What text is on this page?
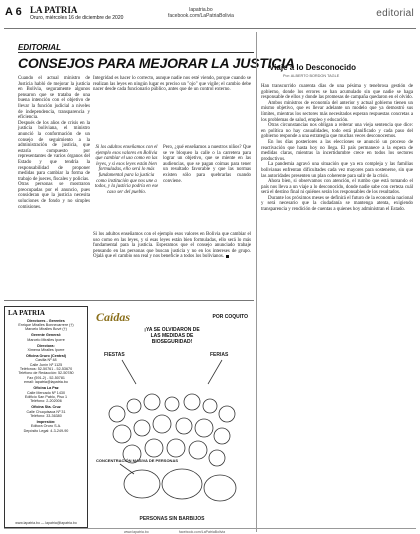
A 6 LA PATRIA
Oruro, miércoles 16 de diciembre de 2020
lapatria.bo
facebook.com/LaPatriaBolivia	editorial
EDITORIAL
CONSEJOS PARA MEJORAR LA JUSTICIA

Cuando el actual ministro de Justicia habló de mejorar la justicia en Bolivia, seguramente algunos pensaron que se trataba de una buena intención con el objetivo de llevar la función judicial a niveles de independencia, transparencia y eficiencia.

Después de los años de crisis en la justicia boliviana, el ministro anunció la conformación de un consejo de seguimiento a la administración de justicia, que estaría compuesto por representantes de varios órganos del Estado y que tendría la responsabilidad de proponer medidas para cambiar la forma de trabajo de jueces, fiscales y policías.

Otras personas se mostraron preocupadas por el anuncio, pues consideran que la justicia necesita soluciones de fondo y no simples comisiones.

Integridad es hacer lo correcto, aunque nadie nos esté viendo, porque cuando se realizan las leyes en ningún lugar es preciso un "ojo" que vigile; el cambio debe nacer desde cada funcionario público, antes que de un control externo.
Si los adultos enseñamos con el ejemplo esos valores en Bolivia que cambiar el uso como en las leyes, y si esos leyes están bien formuladas, ello será lo más fundamental para la justicia como institución que nos une a todos, y la justicia podría en ese caso ser del pueblo.
Pero, ¿qué enseñamos a nuestros niños? Que se ve bloqueo la calle o la carretera para lograr un objetivo, que se miente en las audiencias, que se pagan coimas para tener un resultado favorable y que las normas existen sólo para quebrarlas cuando conviene.

Si los adultos enseñamos con el ejemplo esos valores en Bolivia que cambiar el uso como en las leyes, y si esas leyes están bien formuladas, ello será lo más fundamental para la justicia. Esperamos que el consejo anunciado trabaje pensando en las personas que buscan justicia y no en los intereses de grupo. Ojalá que el cambio sea real y nos beneficie a todos los bolivianos.

Viaje a lo Desconocido
Por: ALBERTO BORDON TAGLE

Han transcurrido cuarenta días de una pésima y tenebrosa gestión de gobierno, donde los errores se han acumulado sin que nadie se haga responsable de ellos y donde las promesas de campaña quedaron en el olvido.

Ambos ministros de economía del anterior y actual gobierno tienen un mismo objetivo, que es llevar adelante un modelo que ya demostró sus límites, mientras los sectores más necesitados esperan respuestas concretas a los problemas de salud, empleo y educación.

Otras circunstancias nos obligan a reiterar una vieja sentencia que dice: en política no hay casualidades, todo está planificado y cada paso del gobierno responde a una estrategia que muchas veces desconocemos.

En los días posteriores a las elecciones se anunció un proceso de reactivación que hasta hoy no llega. El país permanece a la espera de medidas claras, mientras la incertidumbre crece en todos los sectores productivos.

La pandemia agravó una situación que ya era compleja y las familias bolivianas enfrentan dificultades cada vez mayores para sostenerse, sin que las autoridades presenten un plan coherente para salir de la crisis.

Ahora bien, si observamos con atención, el rumbo que está tomando el país nos lleva a un viaje a lo desconocido, donde nadie sabe con certeza cuál será el destino final ni quiénes serán los responsables de los resultados.

Durante los próximos meses se definirá el futuro de la economía nacional y será necesario que la ciudadanía se mantenga atenta, exigiendo transparencia y rendición de cuentas a quienes hoy administran el Estado.

LA PATRIA
Directores - Gerentes
Enrique Miralles Bonnecarrere (†)
Marcelo Miralles Bové (†)
Gerente General:
Marcelo Miralles Iporre
Directora:
Ximena Miralles Iporre
Oficina Oruro (Central)
Casilla Nº 48
Calle Junín Nº 1125
Teléfonos: 52-50761 - 52-53670
Teléfono de Redacción: 52-50780
Fax (591-2) - 52-50781
email: lapatria@lapatria.bo
Oficina La Paz
Calle Mercado Nº 1430
Edificio San Pablo, Piso 1
Teléfono: 2-202006
Oficina Sta. Cruz
Calle Chuquisaca Nº 31
Teléfono: 33-36380
Impresión:
Editora Oruro S.A.
Depósito Legal: 4-3-249-90
www.lapatria.bo — lapatria@lapatria.bo
Caídas	POR COQUITO
¡YA SE OLVIDARON DE
LAS MEDIDAS DE
BIOSEGURIDAD!
FIESTAS	FERIAS
CONCENTRACIÓN MASIVA DE PERSONAS
PERSONAS SIN BARBIJOS
www.lapatria.bo	facebook.com/LaPatriaBolivia
